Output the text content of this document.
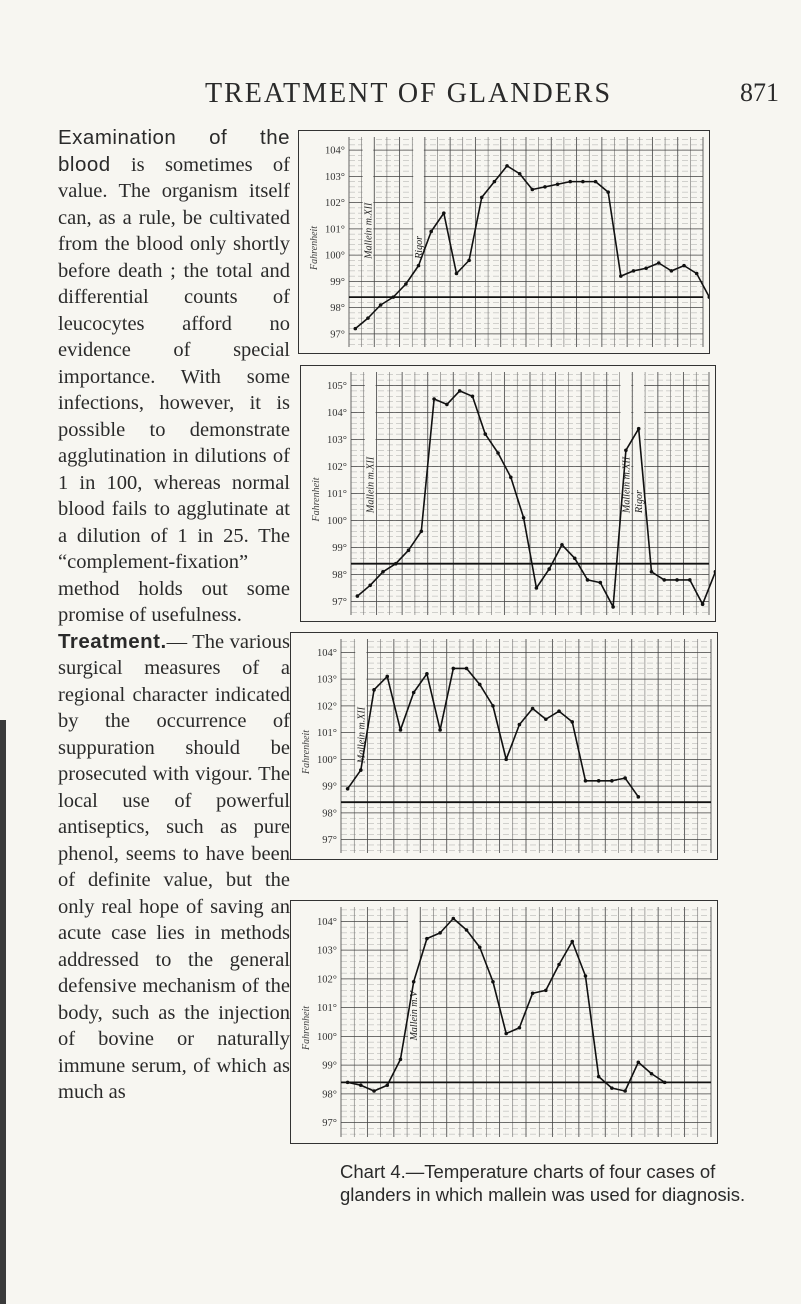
TREATMENT OF GLANDERS	871

Examination of the blood is sometimes of value. The organism itself can, as a rule, be cultivated from the blood only shortly before death ; the total and differential counts of leucocytes afford no evidence of special importance. With some infections, however, it is possible to demonstrate agglutination in dilutions of 1 in 100, whereas normal blood fails to agglutinate at a dilution of 1 in 25. The “complement-fixation” method holds out some promise of usefulness.

Treatment.— The various surgical measures of a regional character indicated by the occurrence of suppuration should be prosecuted with vigour. The local use of powerful antiseptics, such as pure phenol, seems to have been of definite value, but the only real hope of saving an acute case lies in methods addressed to the general defensive mechanism of the body, such as the injection of bovine or naturally immune serum, of which as much as

Fahrenheit
104°
103°
102°
101°
100°
99°
98°
97°
Mallein m.XII	Rigor
Fahrenheit
105°
104°
103°
102°
101°
100°
99°
98°
97°
Mallein m.XII	Mallein m.XII Rigor
Fahrenheit
104°
103°
102°
101°
100°
99°
98°
97°
Mallein m.XII
Fahrenheit
104°
103°
102°
101°
100°
99°
98°
97°
Mallein m.V
Chart 4.—Temperature charts of four cases of glanders in which mallein was used for diagnosis.
